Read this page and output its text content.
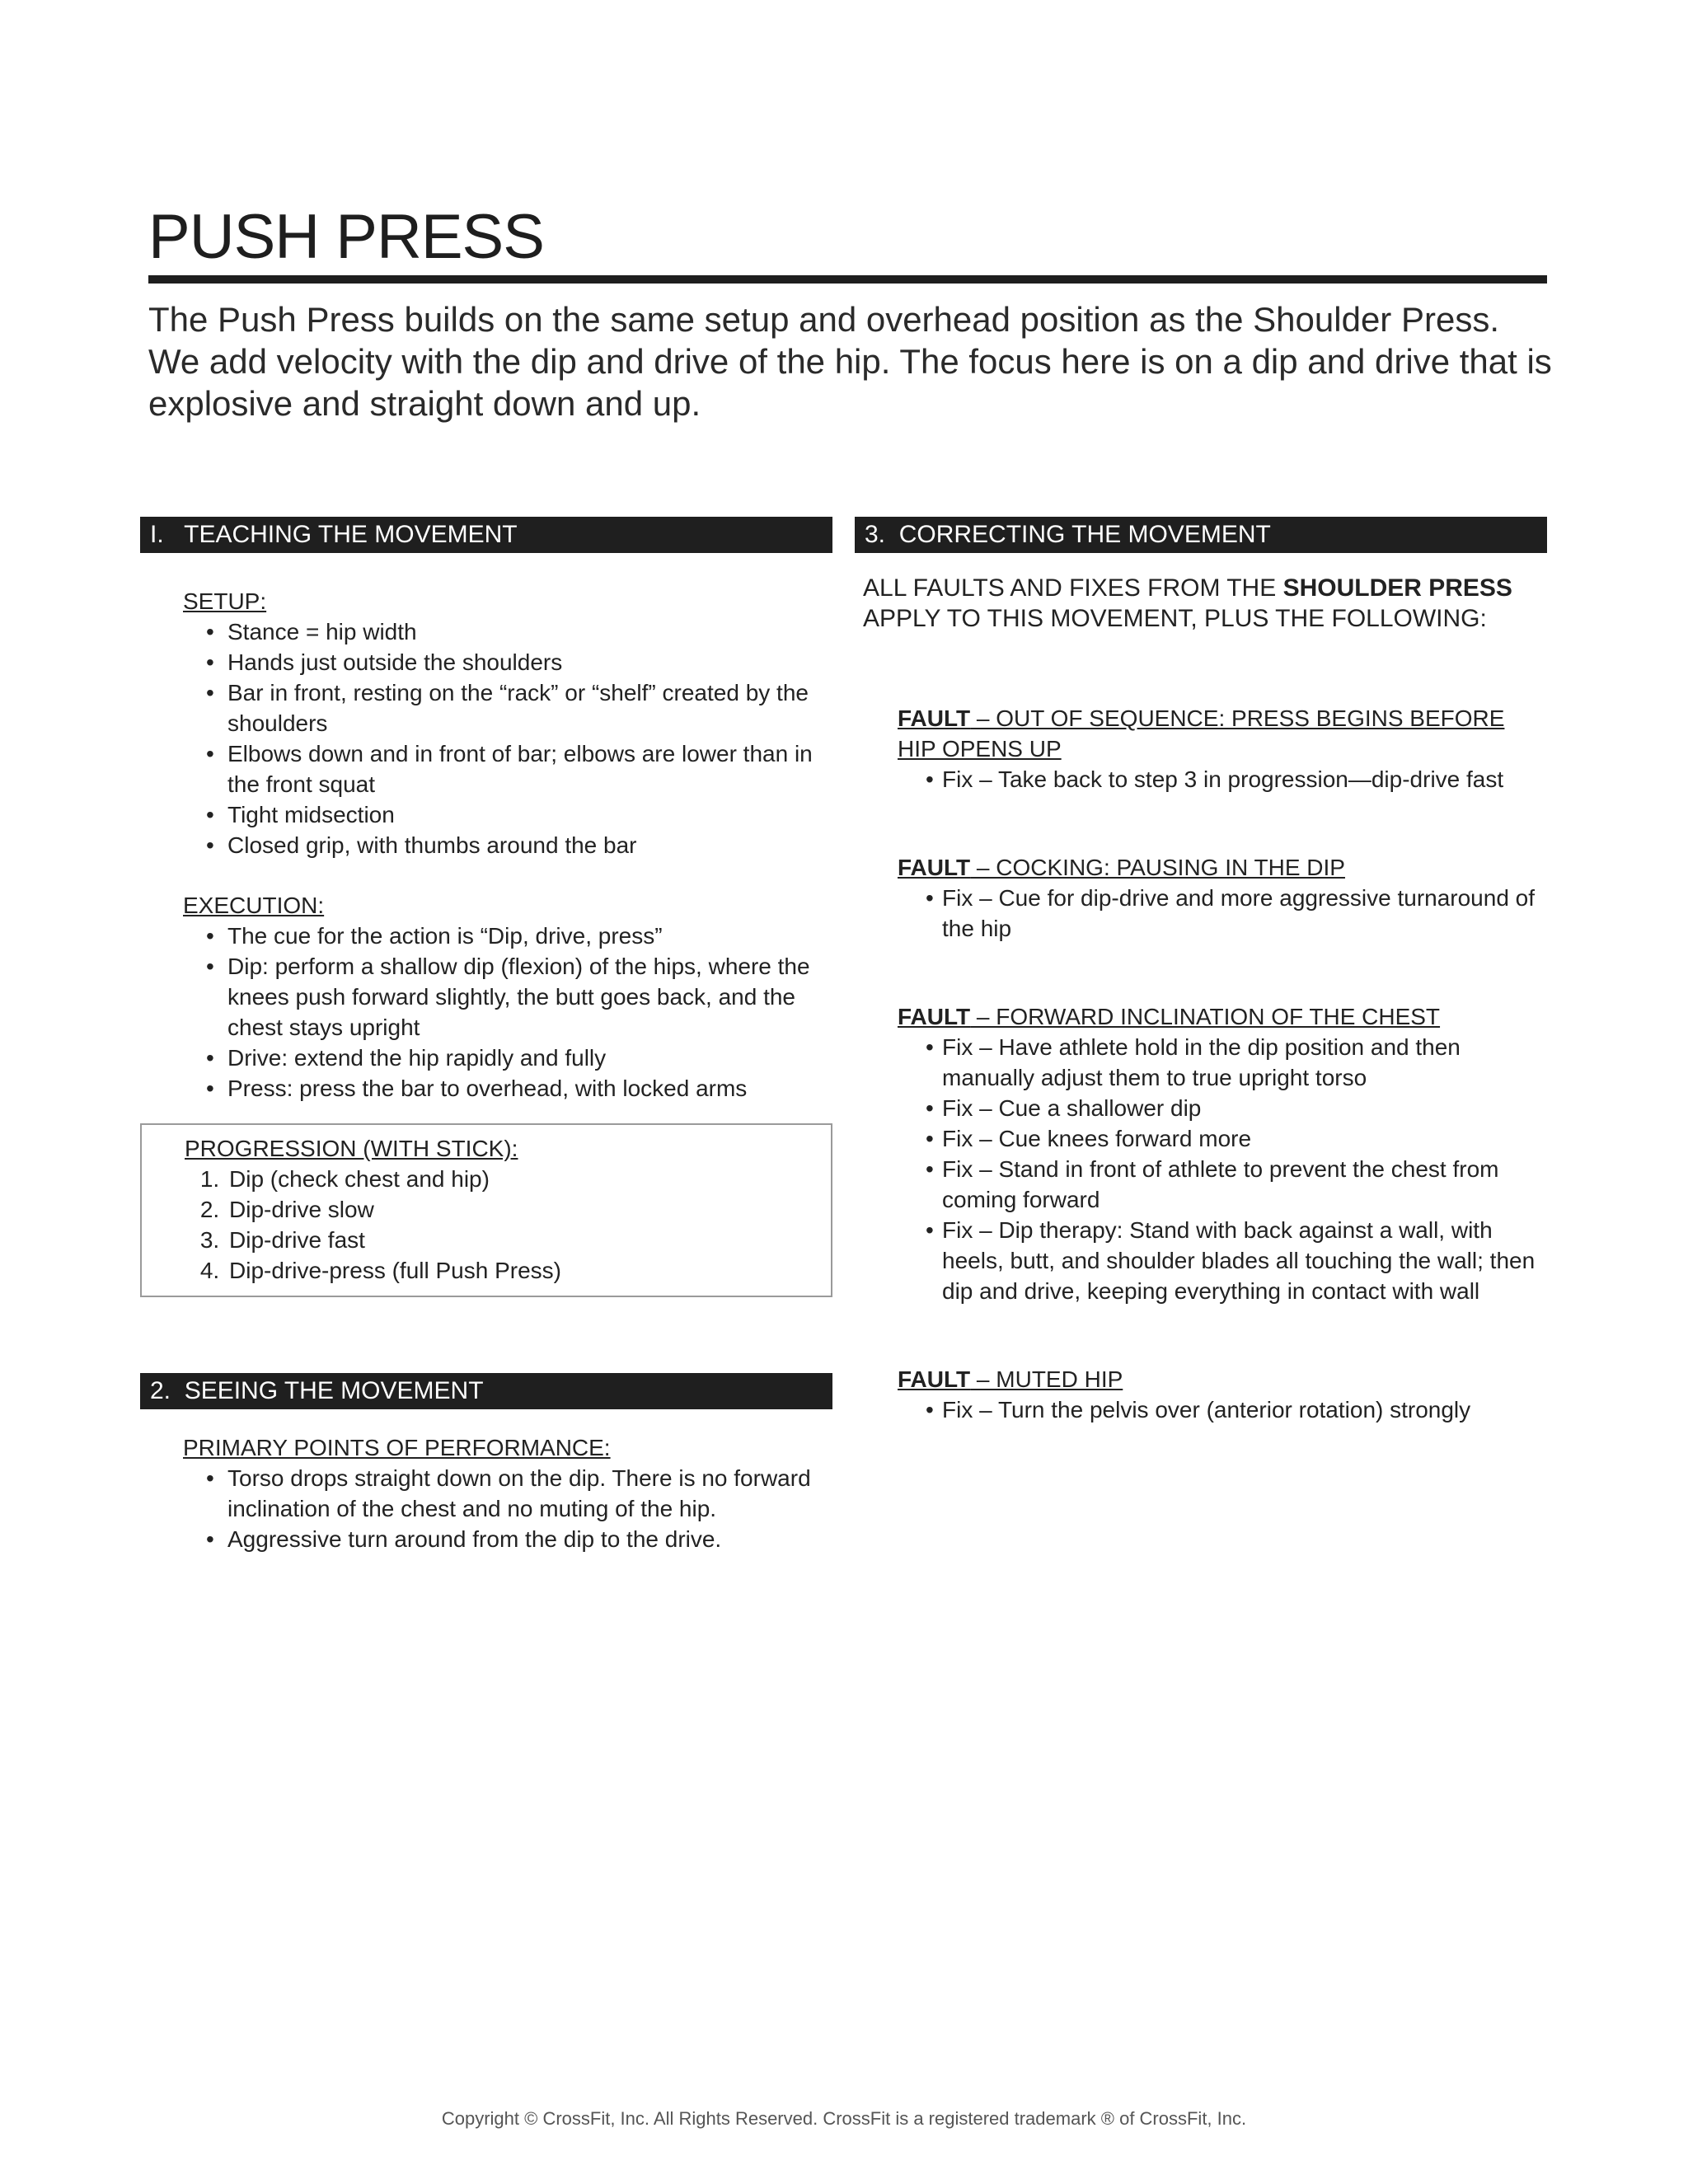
PUSH PRESS

The Push Press builds on the same setup and overhead position as the Shoulder Press. We add velocity with the dip and drive of the hip. The focus here is on a dip and drive that is explosive and straight down and up.

I.   TEACHING THE MOVEMENT

SETUP:

• Stance = hip width
• Hands just outside the shoulders
• Bar in front, resting on the “rack” or “shelf” created by the shoulders
• Elbows down and in front of bar; elbows are lower than in the front squat
• Tight midsection
• Closed grip, with thumbs around the bar

EXECUTION:

• The cue for the action is “Dip, drive, press”
• Dip: perform a shallow dip (flexion) of the hips, where the knees push forward slightly, the butt goes back, and the chest stays upright
• Drive: extend the hip rapidly and fully
• Press: press the bar to overhead, with locked arms

PROGRESSION (WITH STICK):

1. Dip (check chest and hip)
2. Dip-drive slow
3. Dip-drive fast
4. Dip-drive-press (full Push Press)
2.  SEEING THE MOVEMENT

PRIMARY POINTS OF PERFORMANCE:

• Torso drops straight down on the dip. There is no forward inclination of the chest and no muting of the hip.
• Aggressive turn around from the dip to the drive.
3.  CORRECTING THE MOVEMENT

ALL FAULTS AND FIXES FROM THE SHOULDER PRESS APPLY TO THIS MOVEMENT, PLUS THE FOLLOWING:

FAULT – OUT OF SEQUENCE: PRESS BEGINS BEFORE HIP OPENS UP
• Fix – Take back to step 3 in progression—dip-drive fast
FAULT – COCKING: PAUSING IN THE DIP
• Fix – Cue for dip-drive and more aggressive turnaround of the hip
FAULT – FORWARD INCLINATION OF THE CHEST
• Fix – Have athlete hold in the dip position and then manually adjust them to true upright torso
• Fix – Cue a shallower dip
• Fix – Cue knees forward more
• Fix – Stand in front of athlete to prevent the chest from coming forward
• Fix – Dip therapy: Stand with back against a wall, with heels, butt, and shoulder blades all touching the wall; then dip and drive, keeping everything in contact with wall
FAULT – MUTED HIP
• Fix – Turn the pelvis over (anterior rotation) strongly
Copyright © CrossFit, Inc. All Rights Reserved. CrossFit is a registered trademark ® of CrossFit, Inc.
